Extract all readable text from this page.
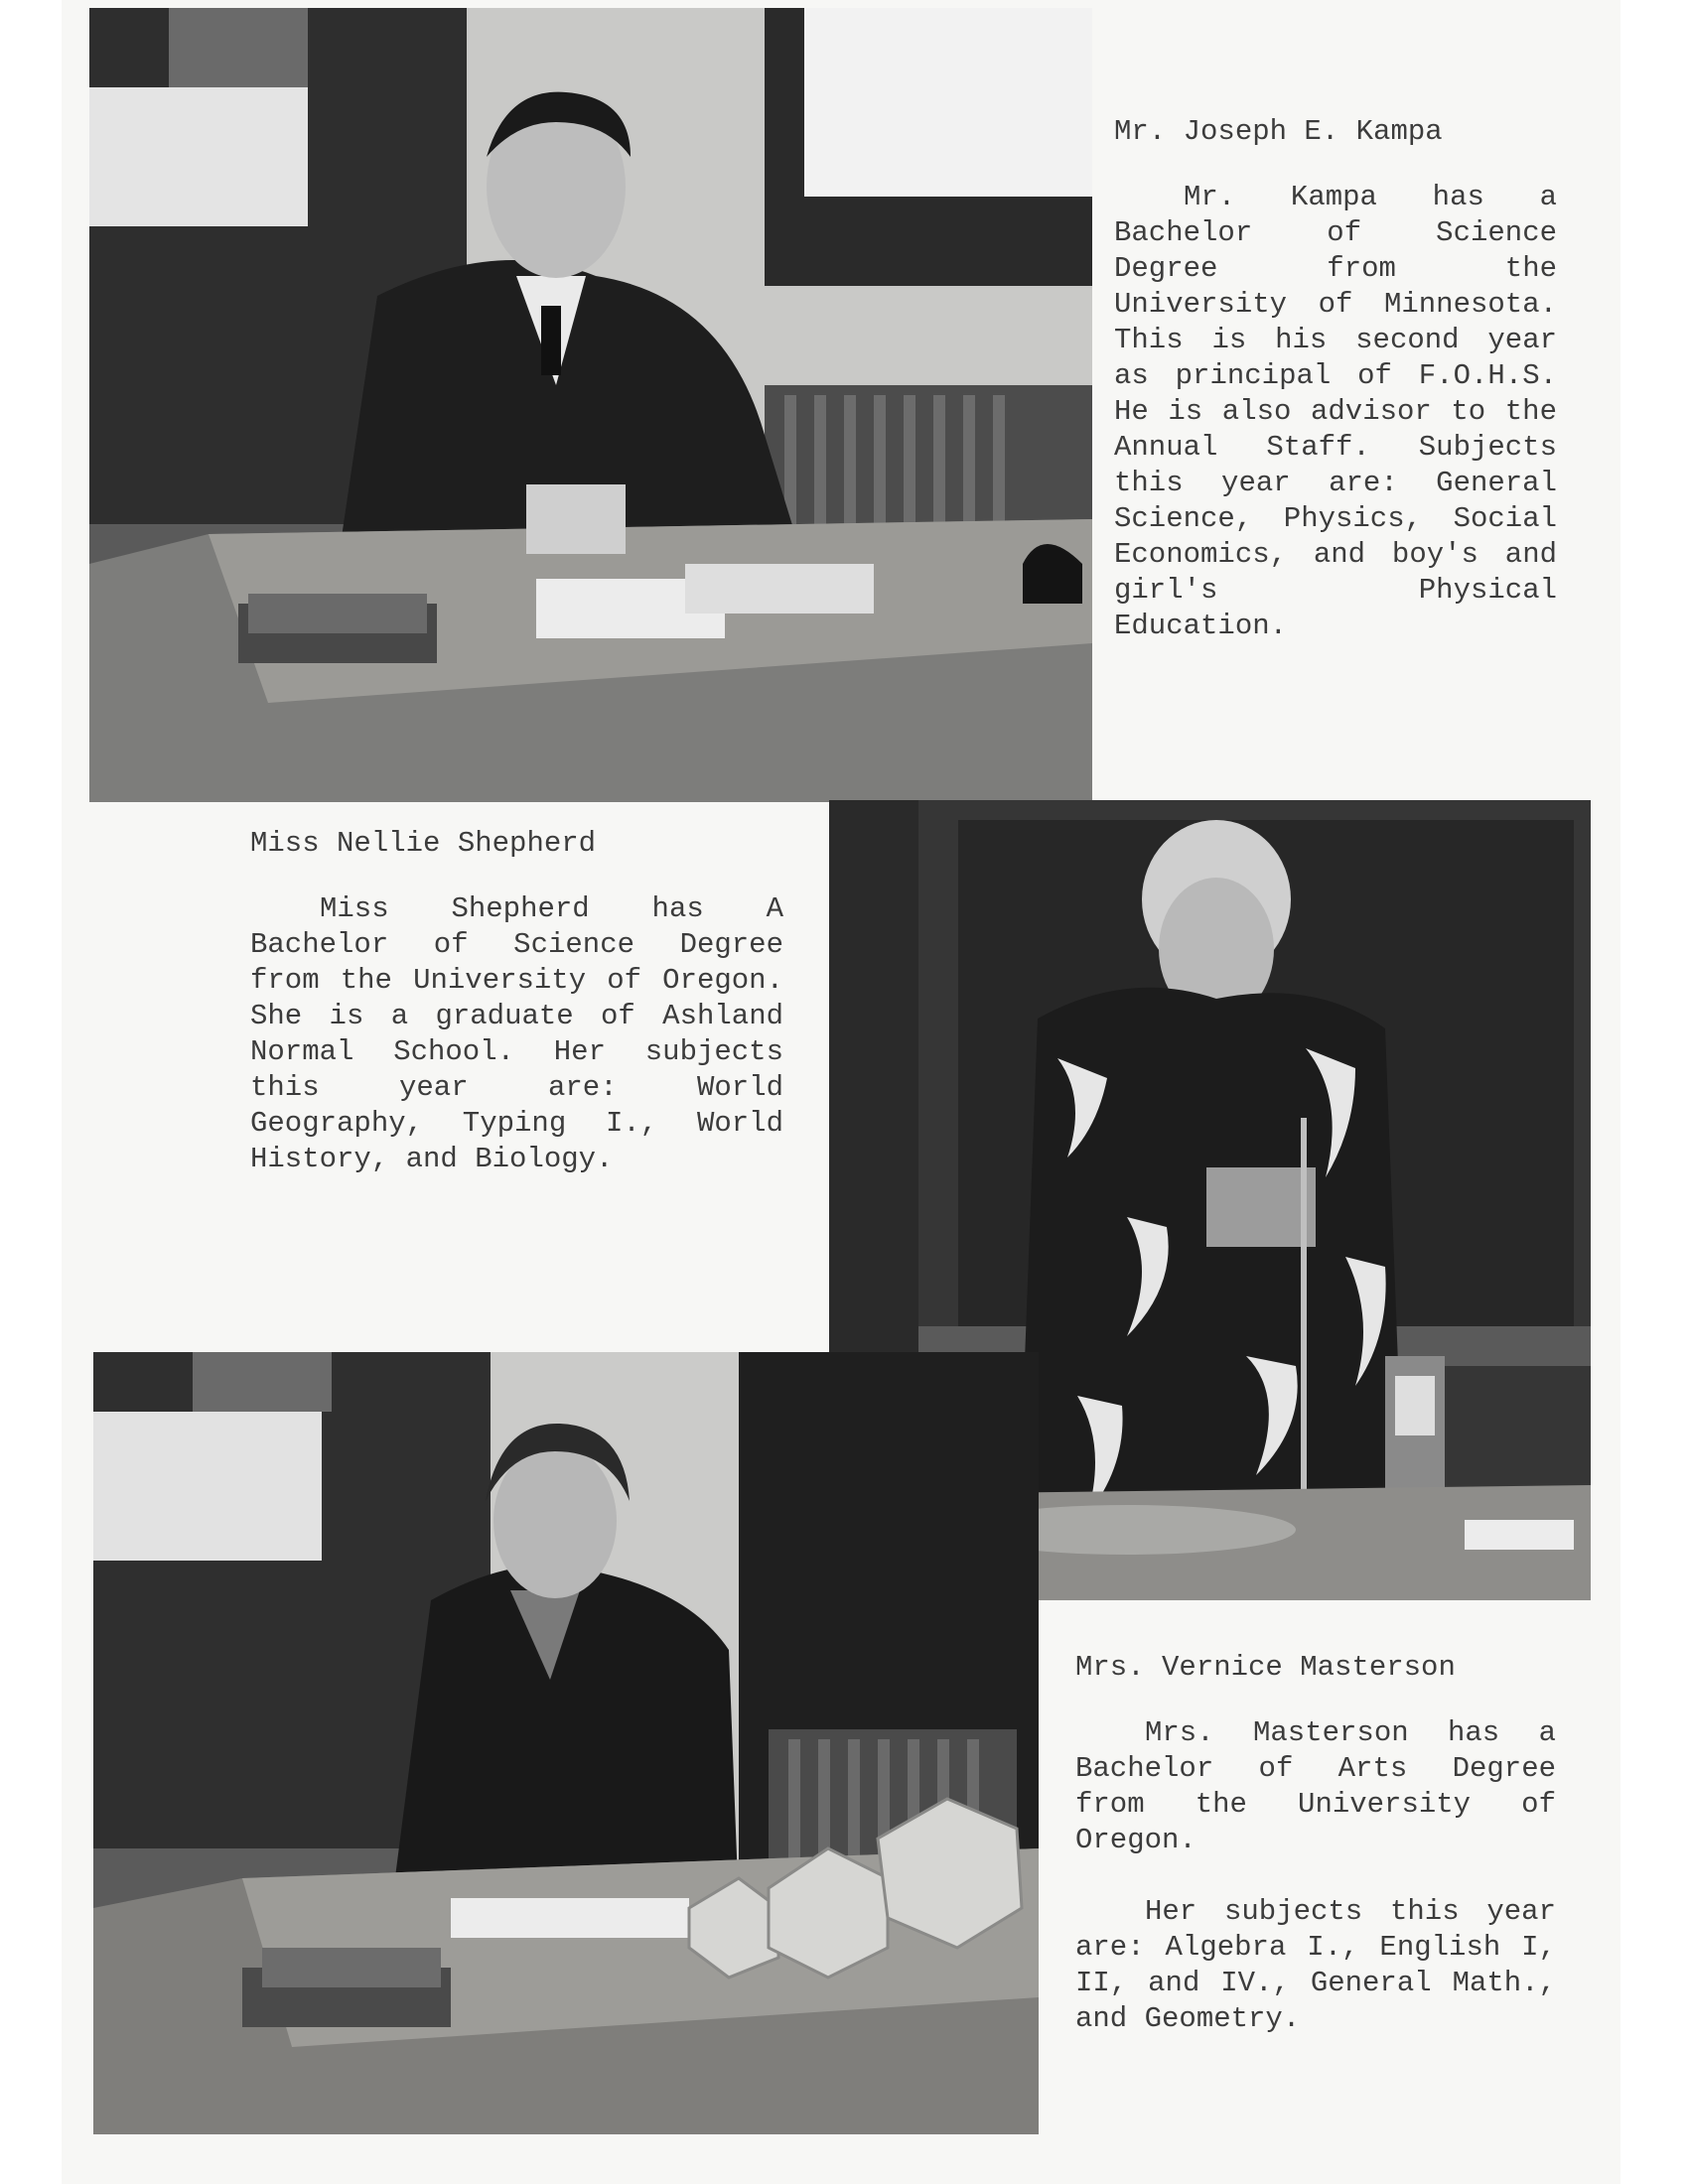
Mr. Joseph E. Kampa
Mr. Kampa has a Bachelor of Science Degree from the University of Minnesota. This is his second year as principal of F.O.H.S. He is also advisor to the Annual Staff. Subjects this year are: General Science, Physics, Social Economics, and boy's and girl's Physical Education.
Miss Nellie Shepherd
Miss Shepherd has A Bachelor of Science Degree from the University of Oregon. She is a graduate of Ashland Normal School. Her subjects this year are: World Geography, Typing I., World History, and Biology.
Mrs. Vernice Masterson
Mrs. Masterson has a Bachelor of Arts Degree from the University of Oregon.
Her subjects this year are: Algebra I., English I, II, and IV., General Math., and Geometry.
